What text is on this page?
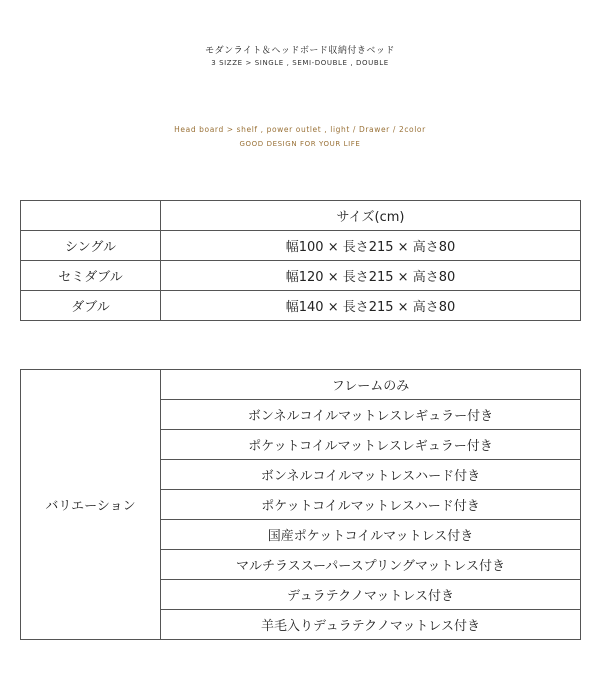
モダンライト＆ヘッドボード収納付きベッド
3 SIZZE > SINGLE , SEMI-DOUBLE , DOUBLE
Head board > shelf , power outlet , light / Drawer / 2color
GOOD DESIGN FOR YOUR LIFE
	サイズ(cm)
シングル	幅100 × 長さ215 × 高さ80
セミダブル	幅120 × 長さ215 × 高さ80
ダブル	幅140 × 長さ215 × 高さ80
バリエーション	フレームのみ
ボンネルコイルマットレスレギュラー付き
ポケットコイルマットレスレギュラー付き
ボンネルコイルマットレスハード付き
ポケットコイルマットレスハード付き
国産ポケットコイルマットレス付き
マルチラススーパースプリングマットレス付き
デュラテクノマットレス付き
羊毛入りデュラテクノマットレス付き
